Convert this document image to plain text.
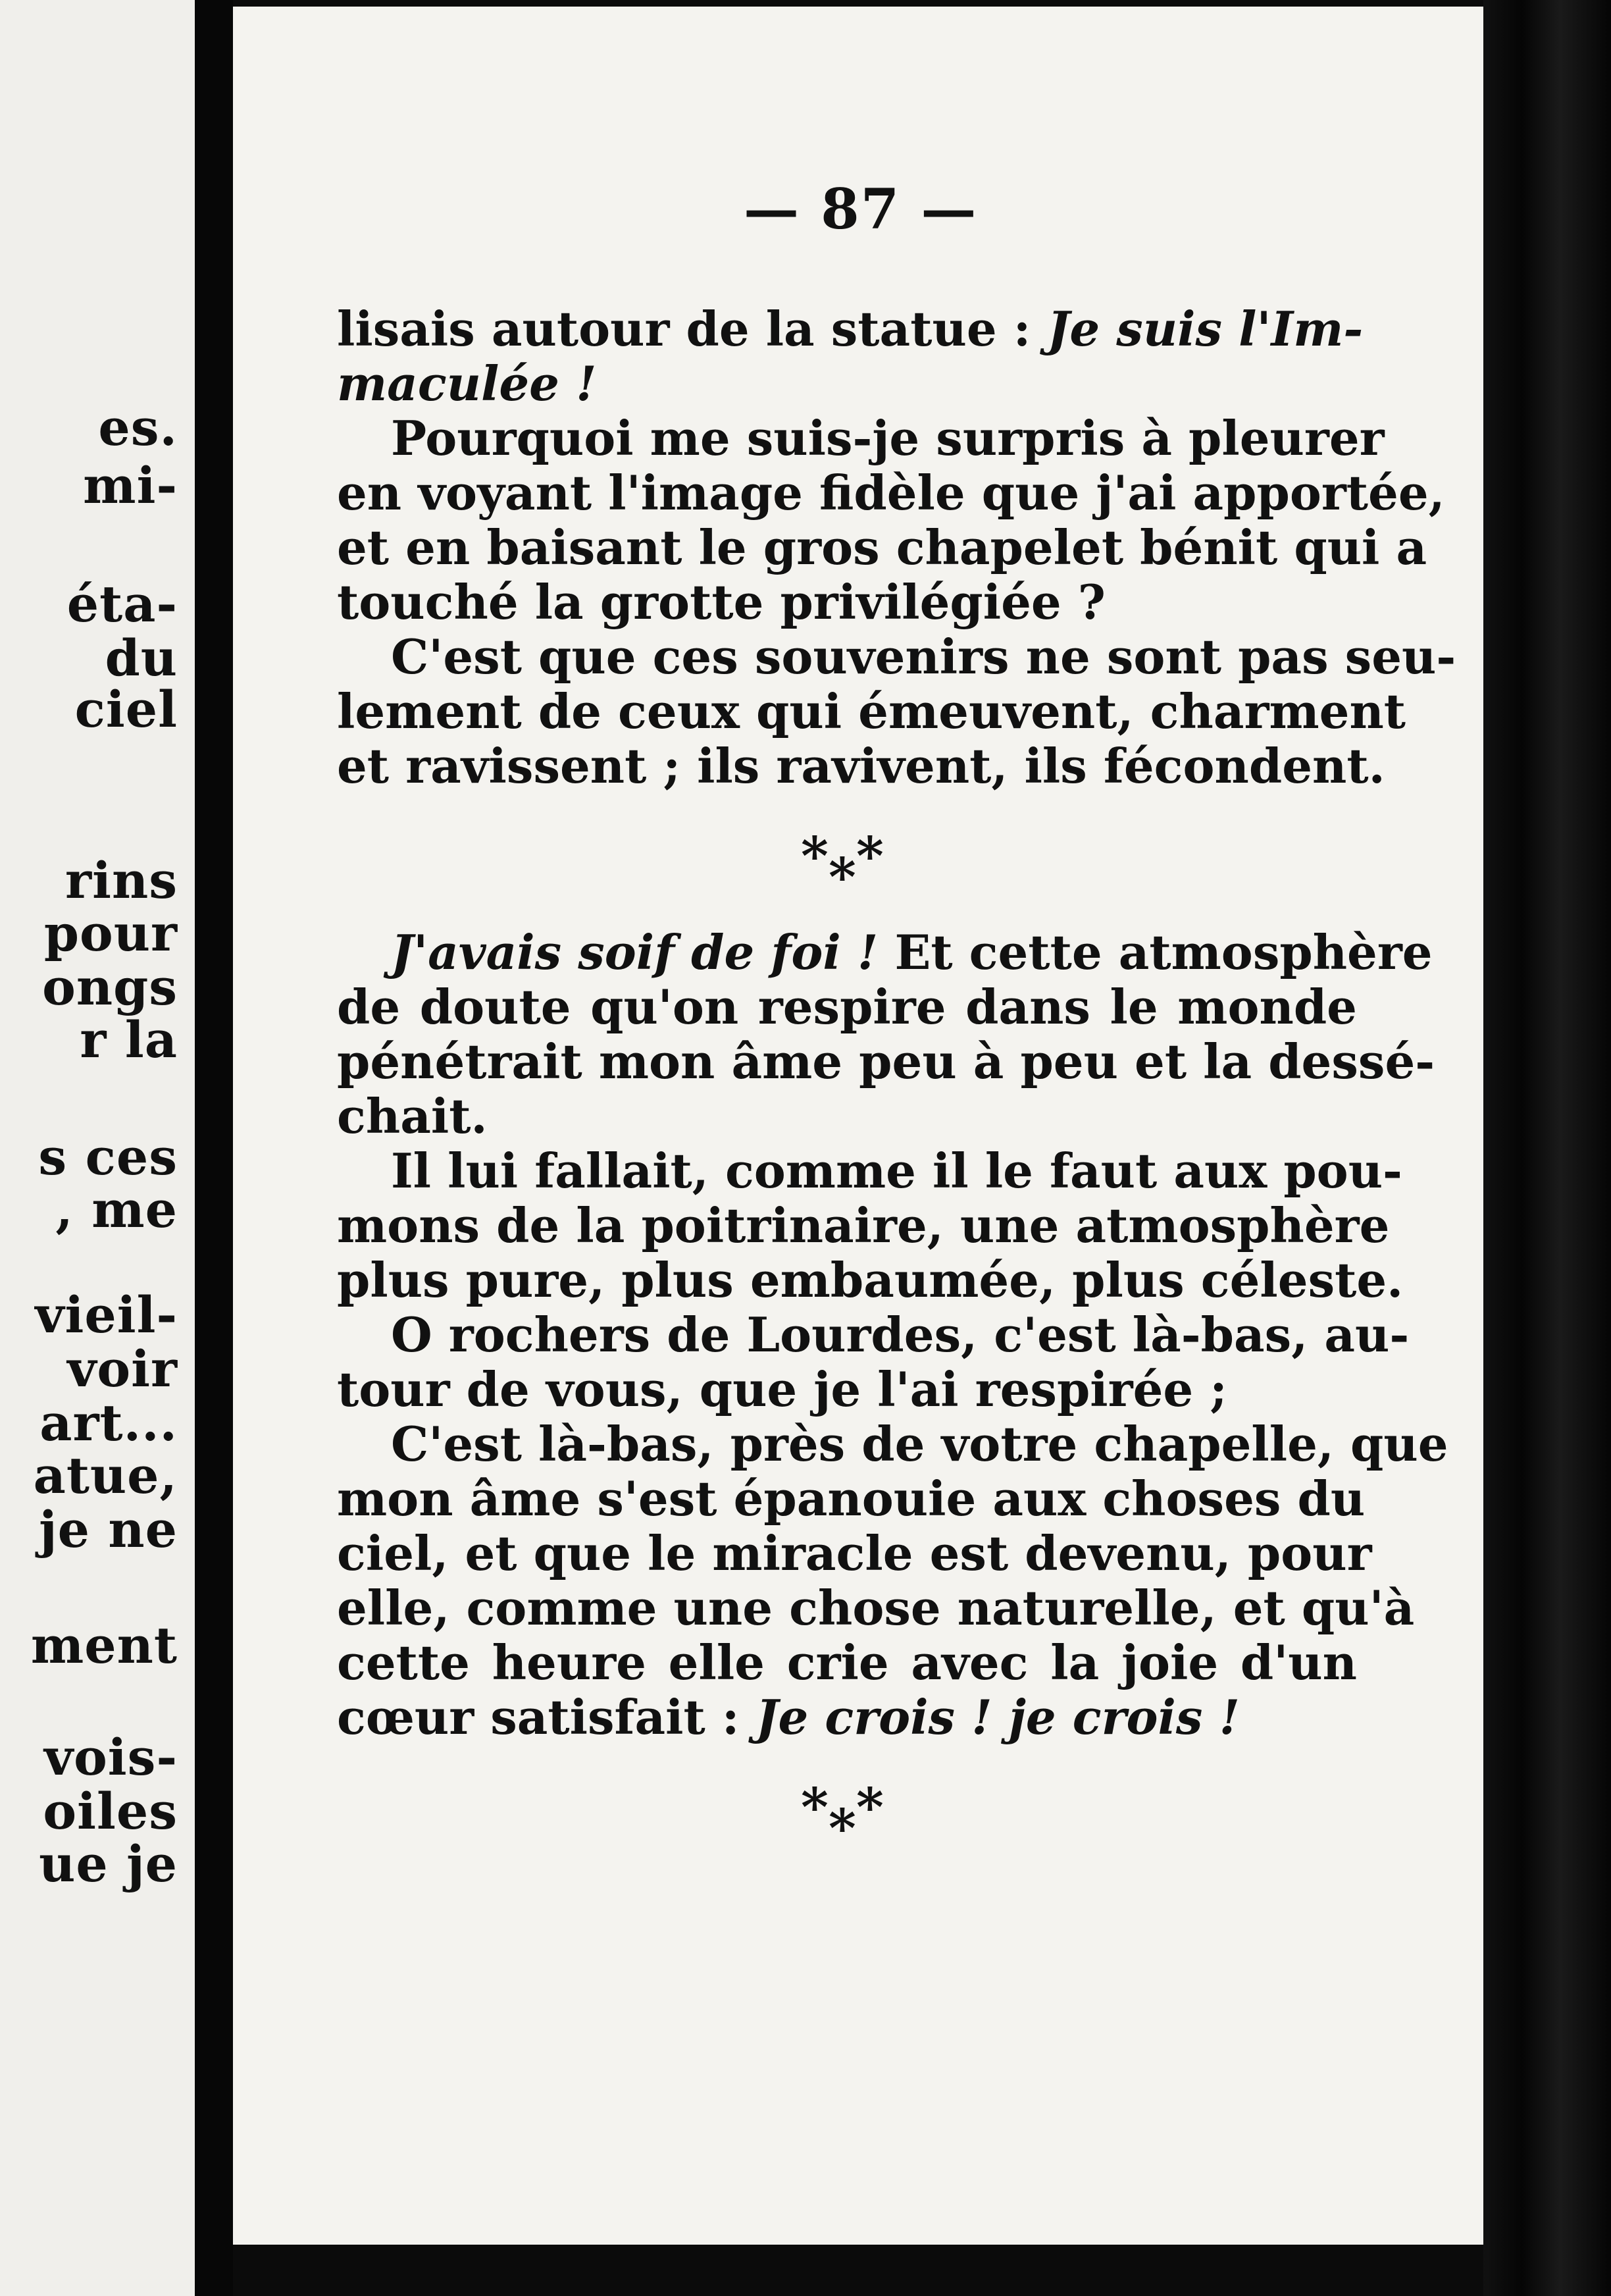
es.
mi-
éta-
du
ciel
rins
pour
ongs
r la
s ces
, me
vieil-
voir
art...
atue,
je ne
ment
vois-
oiles
ue je
— 87 —
lisais autour de la statue : Je suis l'Im-
maculée !
Pourquoi me suis-je surpris à pleurer
en voyant l'image fidèle que j'ai apportée,
et en baisant le gros chapelet bénit qui a
touché la grotte privilégiée ?
C'est que ces souvenirs ne sont pas seu-
lement de ceux qui émeuvent, charment
et ravissent ; ils ravivent, ils fécondent.
* * *
J'avais soif de foi ! Et cette atmosphère
de doute qu'on respire dans le monde
pénétrait mon âme peu à peu et la dessé-
chait.
Il lui fallait, comme il le faut aux pou-
mons de la poitrinaire, une atmosphère
plus pure, plus embaumée, plus céleste.
O rochers de Lourdes, c'est là-bas, au-
tour de vous, que je l'ai respirée ;
C'est là-bas, près de votre chapelle, que
mon âme s'est épanouie aux choses du
ciel, et que le miracle est devenu, pour
elle, comme une chose naturelle, et qu'à
cette heure elle crie avec la joie d'un
cœur satisfait : Je crois ! je crois !
* * *
